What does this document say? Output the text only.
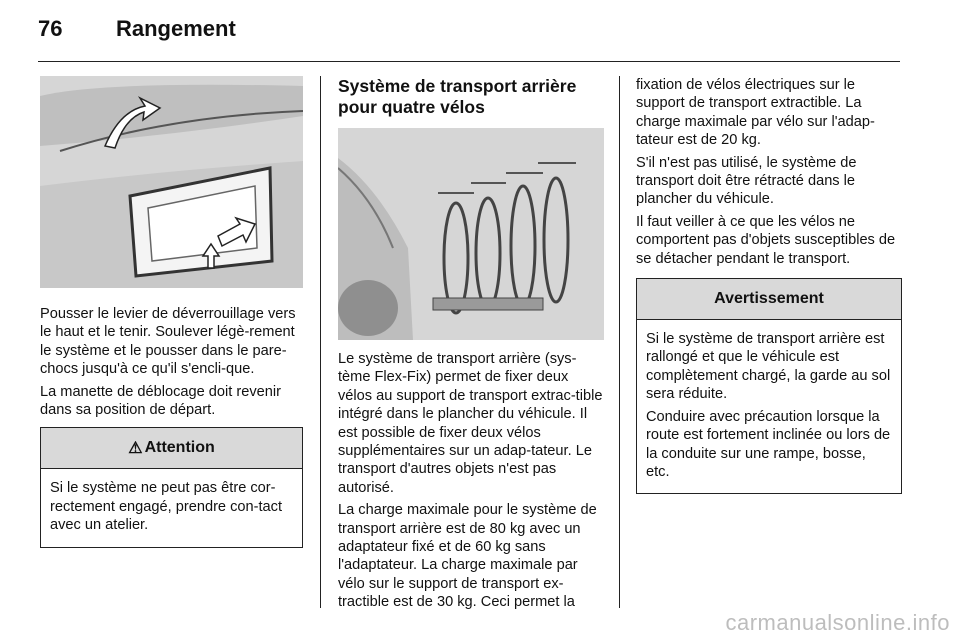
76 Rangement

Pousser le levier de déverrouillage vers le haut et le tenir. Soulever légè-rement le système et le pousser dans le pare-chocs jusqu'à ce qu'il s'encli-que.

La manette de déblocage doit revenir dans sa position de départ.

⚠ Attention

Si le système ne peut pas être cor-rectement engagé, prendre con-tact avec un atelier.

Système de transport arrière pour quatre vélos

Le système de transport arrière (sys-tème Flex-Fix) permet de fixer deux vélos au support de transport extrac-tible intégré dans le plancher du véhicule. Il est possible de fixer deux vélos supplémentaires sur un adap-tateur. Le transport d'autres objets n'est pas autorisé.

La charge maximale pour le système de transport arrière est de 80 kg avec un adaptateur fixé et de 60 kg sans l'adaptateur. La charge maximale par vélo sur le support de transport ex-tractible est de 30 kg. Ceci permet la

fixation de vélos électriques sur le support de transport extractible. La charge maximale par vélo sur l'adap-tateur est de 20 kg.

S'il n'est pas utilisé, le système de transport doit être rétracté dans le plancher du véhicule.

Il faut veiller à ce que les vélos ne comportent pas d'objets susceptibles de se détacher pendant le transport.

Avertissement

Si le système de transport arrière est rallongé et que le véhicule est complètement chargé, la garde au sol sera réduite.

Conduire avec précaution lorsque la route est fortement inclinée ou lors de la conduite sur une rampe, bosse, etc.

carmanualsonline.info
